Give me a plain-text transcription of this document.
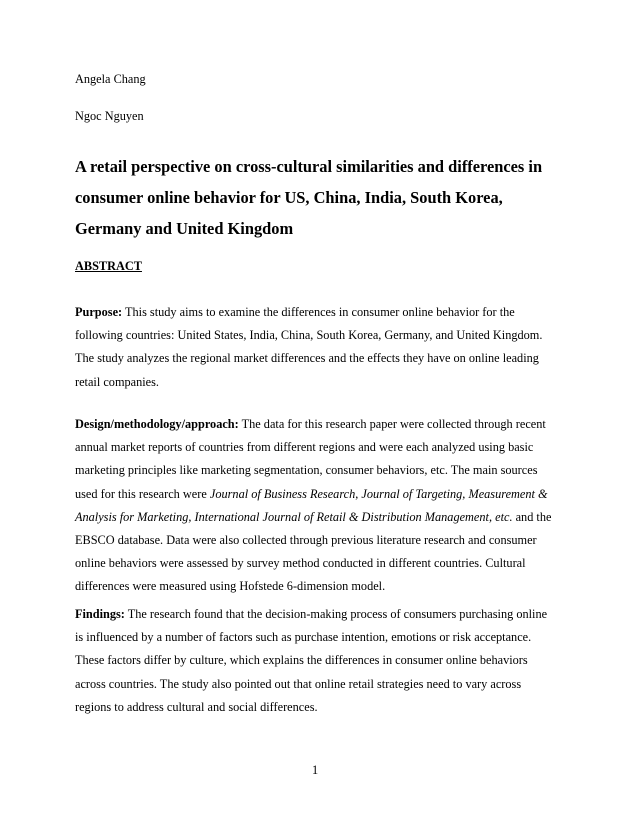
Angela Chang
Ngoc Nguyen
A retail perspective on cross-cultural similarities and differences in
consumer online behavior for US, China, India, South Korea,
Germany and United Kingdom
ABSTRACT

Purpose: This study aims to examine the differences in consumer online behavior for the
following countries: United States, India, China, South Korea, Germany, and United Kingdom.
The study analyzes the regional market differences and the effects they have on online leading
retail companies.

Design/methodology/approach: The data for this research paper were collected through recent
annual market reports of countries from different regions and were each analyzed using basic
marketing principles like marketing segmentation, consumer behaviors, etc. The main sources
used for this research were Journal of Business Research, Journal of Targeting, Measurement &
Analysis for Marketing, International Journal of Retail & Distribution Management, etc. and the
EBSCO database. Data were also collected through previous literature research and consumer
online behaviors were assessed by survey method conducted in different countries. Cultural
differences were measured using Hofstede 6-dimension model.

Findings: The research found that the decision-making process of consumers purchasing online
is influenced by a number of factors such as purchase intention, emotions or risk acceptance.
These factors differ by culture, which explains the differences in consumer online behaviors
across countries. The study also pointed out that online retail strategies need to vary across
regions to address cultural and social differences.

1
